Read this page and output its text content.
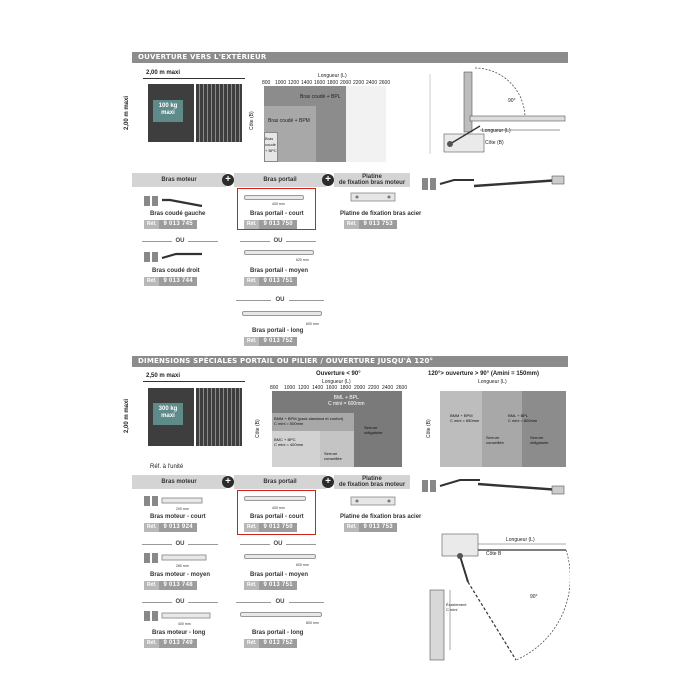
OUVERTURE VERS L'EXTÉRIEUR
2,00 m maxi
2,00 m maxi	100 kg
maxi
Longueur (L)
800 1000 1200 1400 1600 1800 2000 2200 2400 2600
Côte (B)
Bras coudé + BPL
Bras coudé + BPM
Bras coudé + BPC
Longueur (L)
Côte (B)
90°
Bras moteur	+	Bras portail	+	Platine
de fixation bras moteur
Bras coudé gauche
Réf.	9 013 745
OU
Bras coudé droit
Réf.	9 013 744
400 mm
Bras portail - court
Réf.	9 013 750
OU
620 mm
Bras portail - moyen
Réf.	9 013 751
OU
600 mm
Bras portail - long
Réf.	9 013 752
Platine de fixation bras acier
Réf.	9 013 753
DIMENSIONS SPÉCIALES PORTAIL OU PILIER / OUVERTURE JUSQU'À 120°
2,50 m maxi
2,00 m maxi	300 kg
maxi
Réf. à l'unité
Ouverture < 90°
Longueur (L)
Côte (B)
800 1000 1200 1400 1600 1800 2000 2200 2400 2600
BML + BPL
C mini = 600mm
BMM + BPM (pack standard et confort)
C mini = 500mm
BMC + BPC
C mini = 400mm
Serrure conseillée
Serrure obligatoire
120°> ouverture > 90° (Amini = 150mm)
Longueur (L)
Côte (B)
BMM + BPM
C mini = 650mm
BML + BPL
C mini = 800mm
Serrure conseillée
Serrure obligatoire
Bras moteur	+	Bras portail	+	Platine
de fixation bras moteur
200 mm
Bras moteur - court
Réf.	9 013 924
OU
280 mm
Bras moteur - moyen
Réf.	9 013 748
OU
400 mm
Bras moteur - long
Réf.	9 013 749
400 mm
Bras portail - court
Réf.	9 013 750
OU
600 mm
Bras portail - moyen
Réf.	9 013 751
OU
800 mm
Bras portail - long
Réf.	9 013 752
Platine de fixation bras acier
Réf.	9 013 753
Longueur (L)
Côte B
90°
Écartement
C mini
